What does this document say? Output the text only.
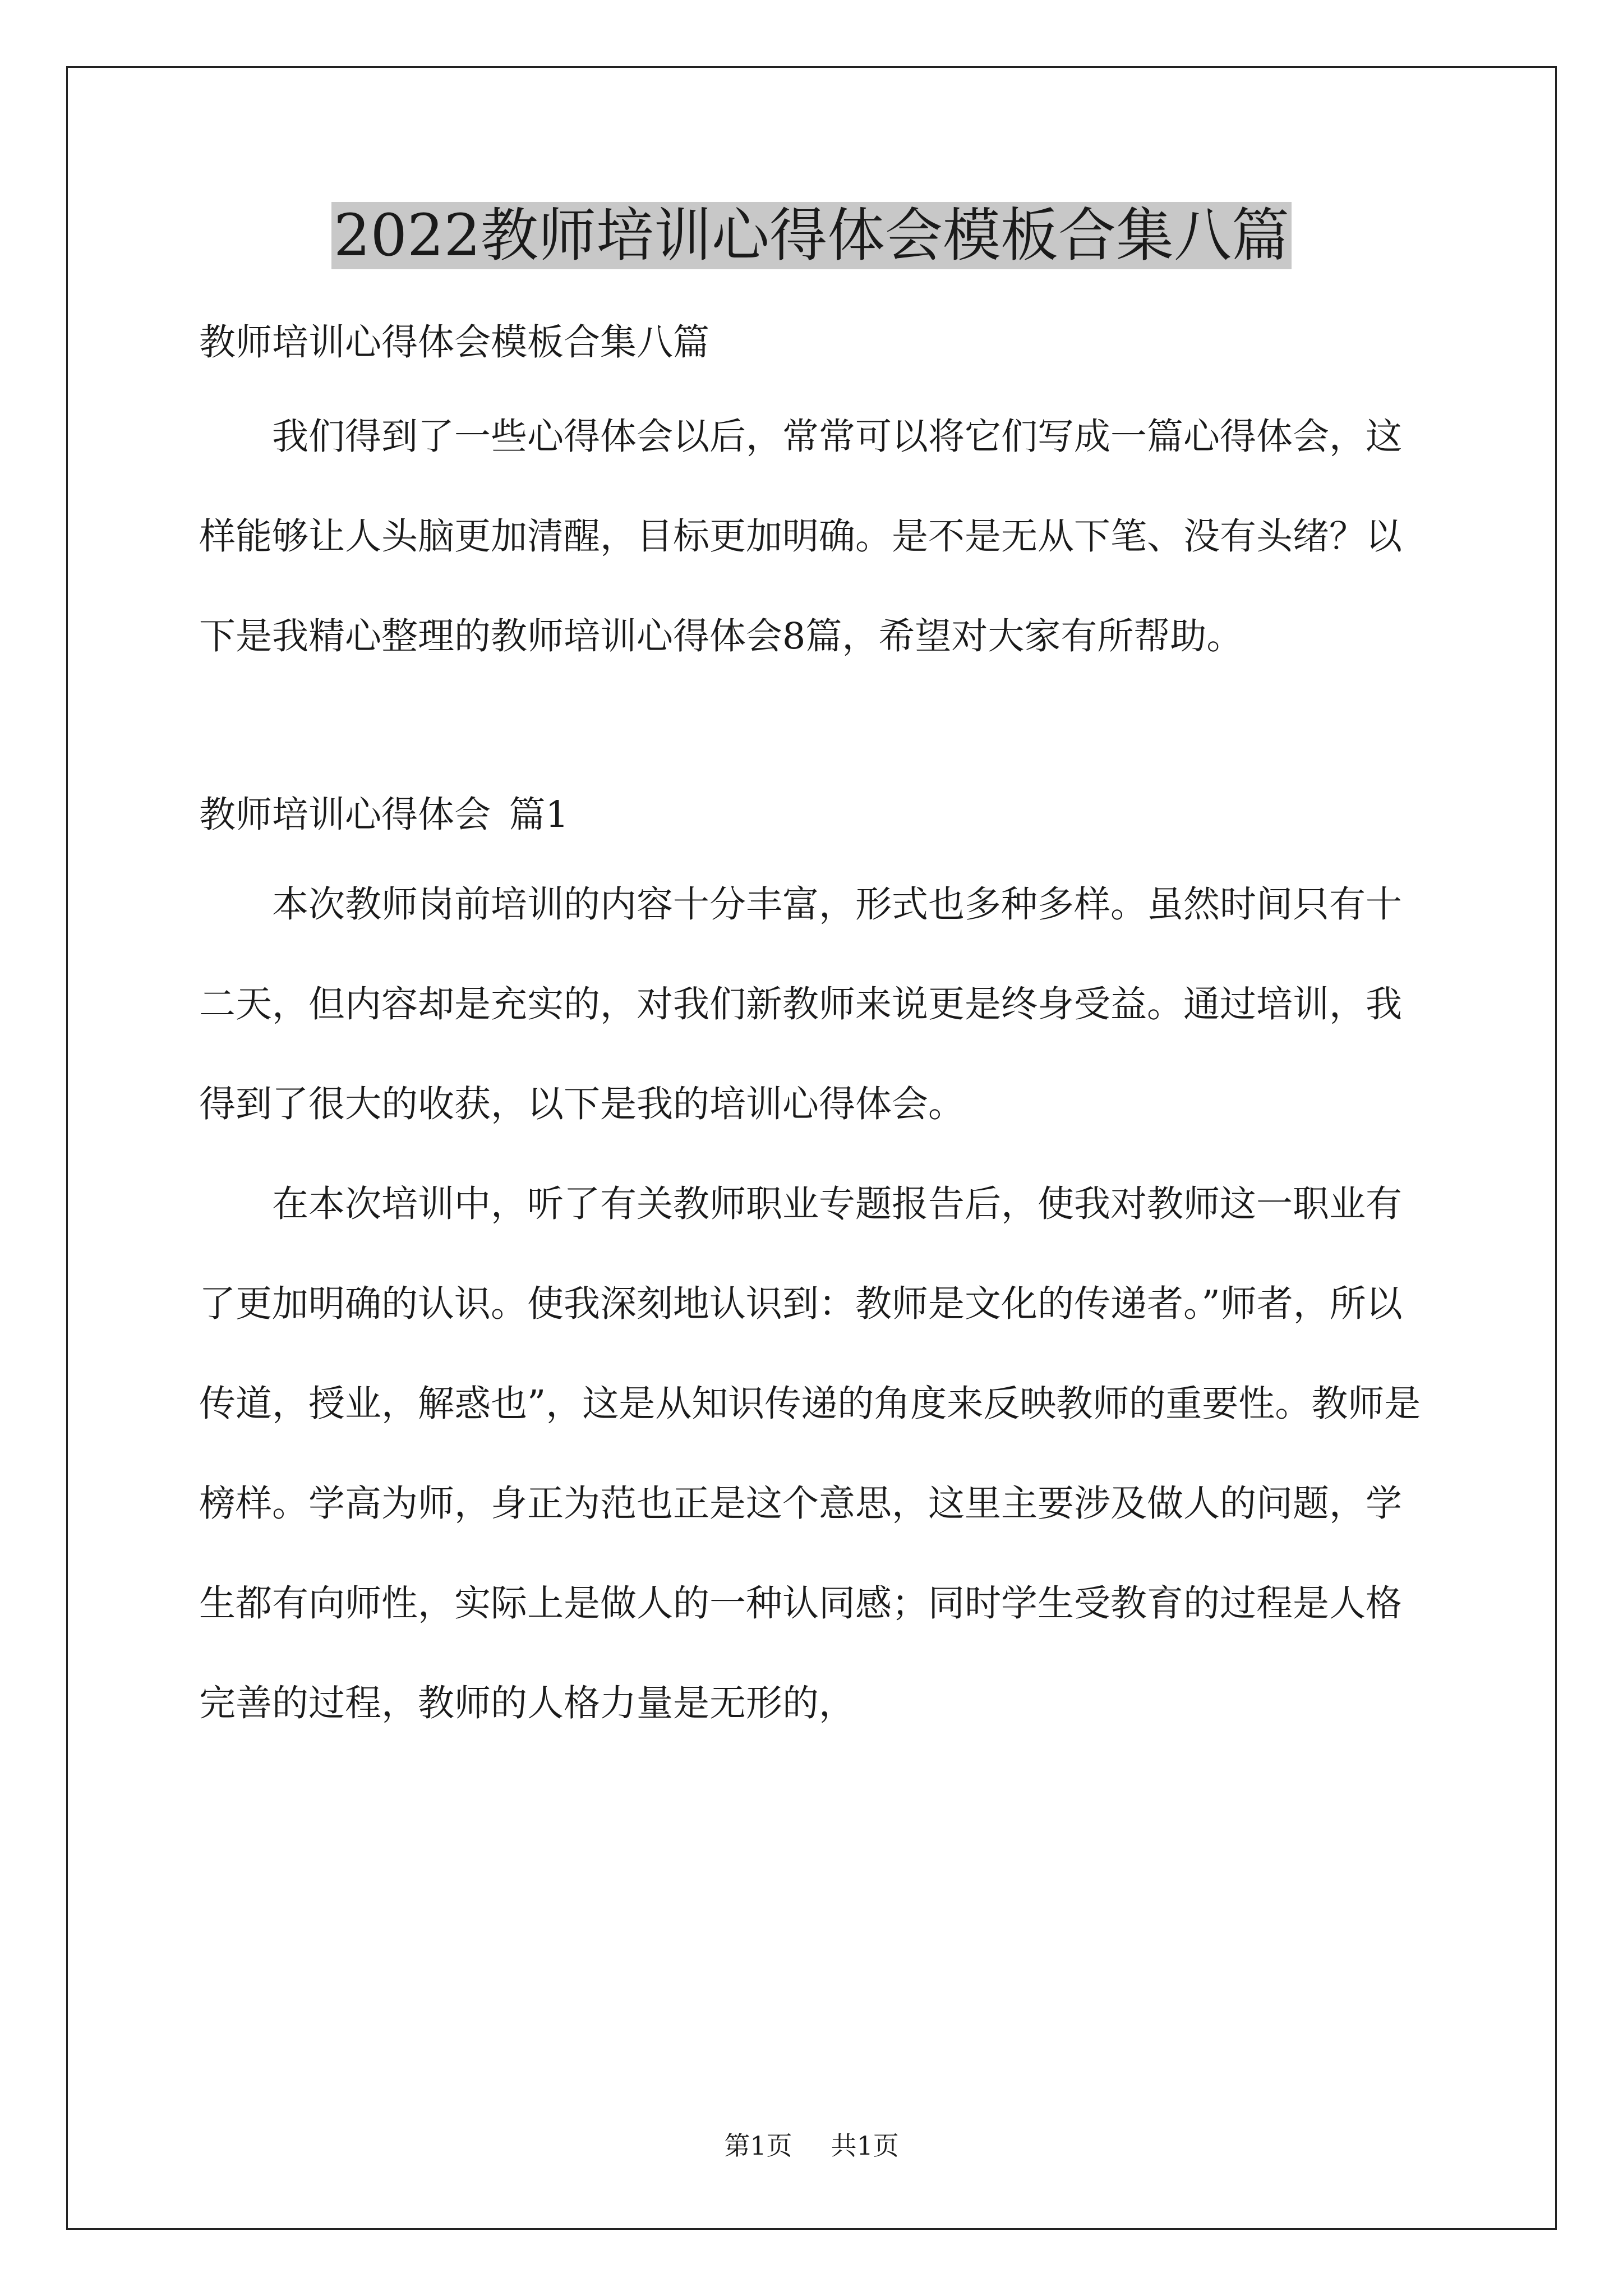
2022教师培训心得体会模板合集八篇

教师培训心得体会模板合集八篇

我们得到了一些心得体会以后，常常可以将它们写成一篇心得体会，这样能够让人头脑更加清醒，目标更加明确。是不是无从下笔、没有头绪？以下是我精心整理的教师培训心得体会8篇，希望对大家有所帮助。

教师培训心得体会 篇1

本次教师岗前培训的内容十分丰富，形式也多种多样。虽然时间只有十二天，但内容却是充实的，对我们新教师来说更是终身受益。通过培训，我得到了很大的收获，以下是我的培训心得体会。

在本次培训中，听了有关教师职业专题报告后，使我对教师这一职业有了更加明确的认识。使我深刻地认识到：教师是文化的传递者。”师者，所以传道，授业，解惑也”，这是从知识传递的角度来反映教师的重要性。教师是榜样。学高为师，身正为范也正是这个意思，这里主要涉及做人的问题，学生都有向师性，实际上是做人的一种认同感；同时学生受教育的过程是人格完善的过程，教师的人格力量是无形的，

第1页 共1页
